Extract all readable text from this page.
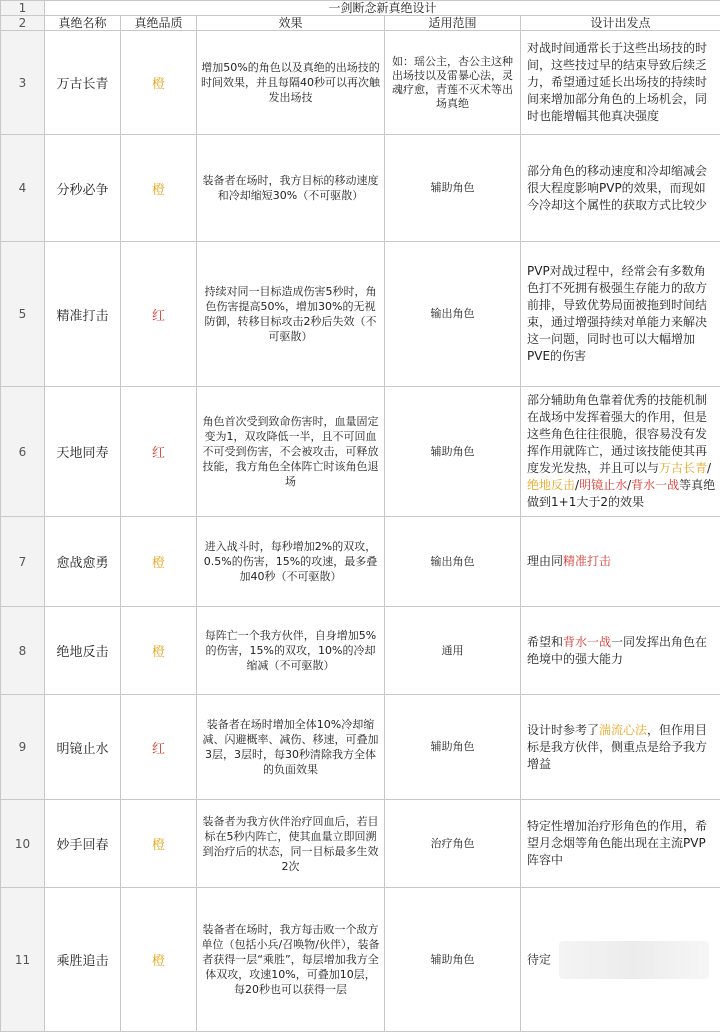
1	一剑断念新真绝设计				
2	真绝名称	真绝品质	效果	适用范围	设计出发点
3	万古长青	橙	增加50%的角色以及真绝的出场技的时间效果，并且每隔40秒可以再次触发出场技	如：瑶公主，杏公主这种出场技以及雷暴心法，灵魂疗愈，青莲不灭术等出场真绝	对战时间通常长于这些出场技的时间，这些技过早的结束导致后续乏力，希望通过延长出场技的持续时间来增加部分角色的上场机会，同时也能增幅其他真决强度

4	分秒必争	橙	装备者在场时，我方目标的移动速度和冷却缩短30%（不可驱散）	辅助角色	部分角色的移动速度和冷却缩减会很大程度影响PVP的效果，而现如今冷却这个属性的获取方式比较少

5	精准打击	红	持续对同一目标造成伤害5秒时，角色伤害提高50%，增加30%的无视防御，转移目标攻击2秒后失效（不可驱散）	输出角色	PVP对战过程中，经常会有多数角色打不死拥有极强生存能力的敌方前排，导致优势局面被拖到时间结束，通过增强持续对单能力来解决这一问题，同时也可以大幅增加PVE的伤害

6	天地同寿	红	角色首次受到致命伤害时，血量固定变为1，双攻降低一半，且不可回血不可受到伤害，不会被攻击，可释放技能，我方角色全体阵亡时该角色退场	辅助角色	部分辅助角色靠着优秀的技能机制在战场中发挥着强大的作用，但是这些角色往往很脆，很容易没有发挥作用就阵亡，通过该技能使其再度发光发热，并且可以与万古长青/绝地反击/明镜止水/背水一战等真绝做到1+1大于2的效果

7	愈战愈勇	橙	进入战斗时，每秒增加2%的双攻，0.5%的伤害，15%的攻速，最多叠加40秒（不可驱散）	输出角色	理由同精准打击
8	绝地反击	橙	每阵亡一个我方伙伴，自身增加5%的伤害，15%的双攻，10%的冷却缩减（不可驱散）	通用	希望和背水一战一同发挥出角色在绝境中的强大能力

9	明镜止水	红	装备者在场时增加全体10%冷却缩减、闪避概率、减伤、移速，可叠加3层，3层时，每30秒清除我方全体的负面效果	辅助角色	设计时参考了湍流心法，但作用目标是我方伙伴，侧重点是给予我方增益

10	妙手回春	橙	装备者为我方伙伴治疗回血后，若目标在5秒内阵亡，使其血量立即回溯到治疗后的状态，同一目标最多生效2次	治疗角色	特定性增加治疗形角色的作用，希望月念烟等角色能出现在主流PVP阵容中

11	乘胜追击	橙	装备者在场时，我方每击败一个敌方单位（包括小兵/召唤物/伙伴），装备者获得一层“乘胜”，每层增加我方全体双攻，攻速10%，可叠加10层，每20秒也可以获得一层	辅助角色	待定
